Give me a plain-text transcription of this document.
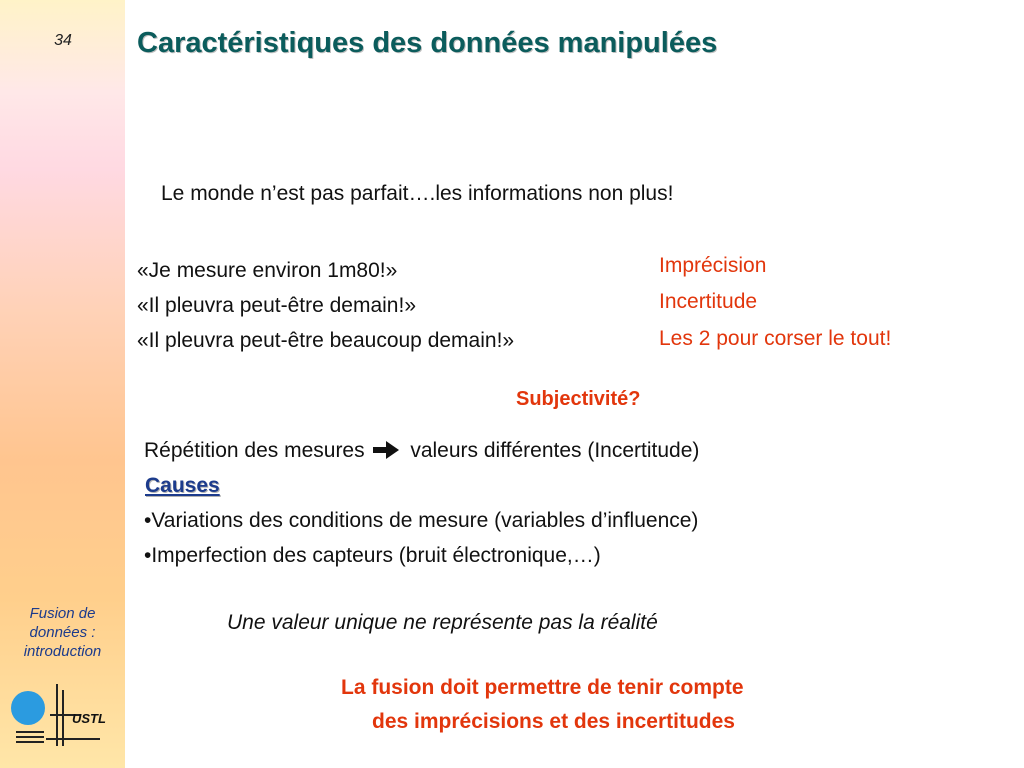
34
Fusion de
données :
introduction
USTL
Caractéristiques des données manipulées
Le monde n’est pas parfait….les informations non plus!
«Je mesure environ 1m80!»
«Il pleuvra peut-être demain!»
«Il pleuvra peut-être beaucoup demain!»
Imprécision
Incertitude
Les 2 pour corser le tout!
Subjectivité?
Répétition des mesures valeurs différentes (Incertitude)
Causes
•Variations des conditions de mesure (variables d’influence)
•Imperfection des capteurs (bruit électronique,…)
Une valeur unique ne représente pas la réalité
La fusion doit permettre de tenir compte
des imprécisions et des incertitudes
